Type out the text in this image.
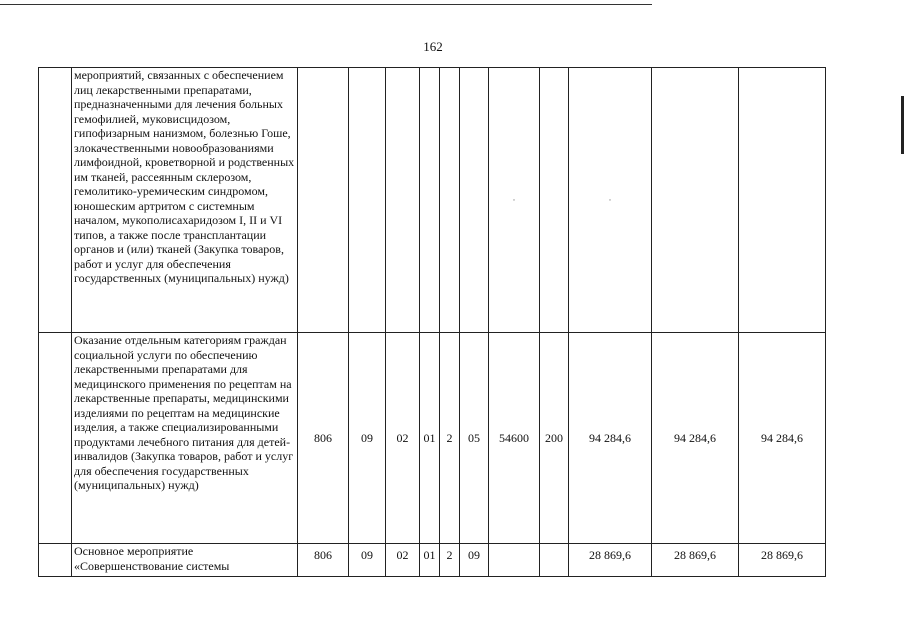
162
	мероприятий, связанных с обеспечением лиц лекарственными препаратами, предназначенными для лечения больных гемофилией, муковисцидозом, гипофизарным нанизмом, болезнью Гоше, злокачественными новообразованиями лимфоидной, кроветворной и родственных им тканей, рассеянным склерозом, гемолитико-уремическим синдромом, юношеским артритом с системным началом, мукополисахаридозом I, II и VI типов, а также после трансплантации органов и (или) тканей (Закупка товаров, работ и услуг для обеспечения государственных (муниципальных) нужд)							·		·		
	Оказание отдельным категориям граждан социальной услуги по обеспечению лекарственными препаратами для медицинского применения по рецептам на лекарственные препараты, медицинскими изделиями по рецептам на медицинские изделия, а также специализированными продуктами лечебного питания для детей-инвалидов (Закупка товаров, работ и услуг для обеспечения государственных (муниципальных) нужд)	806	09	02	01	2	05	54600	200	94 284,6	94 284,6	94 284,6
	Основное мероприятие «Совершенствование системы	806	09	02	01	2	09			28 869,6	28 869,6	28 869,6
